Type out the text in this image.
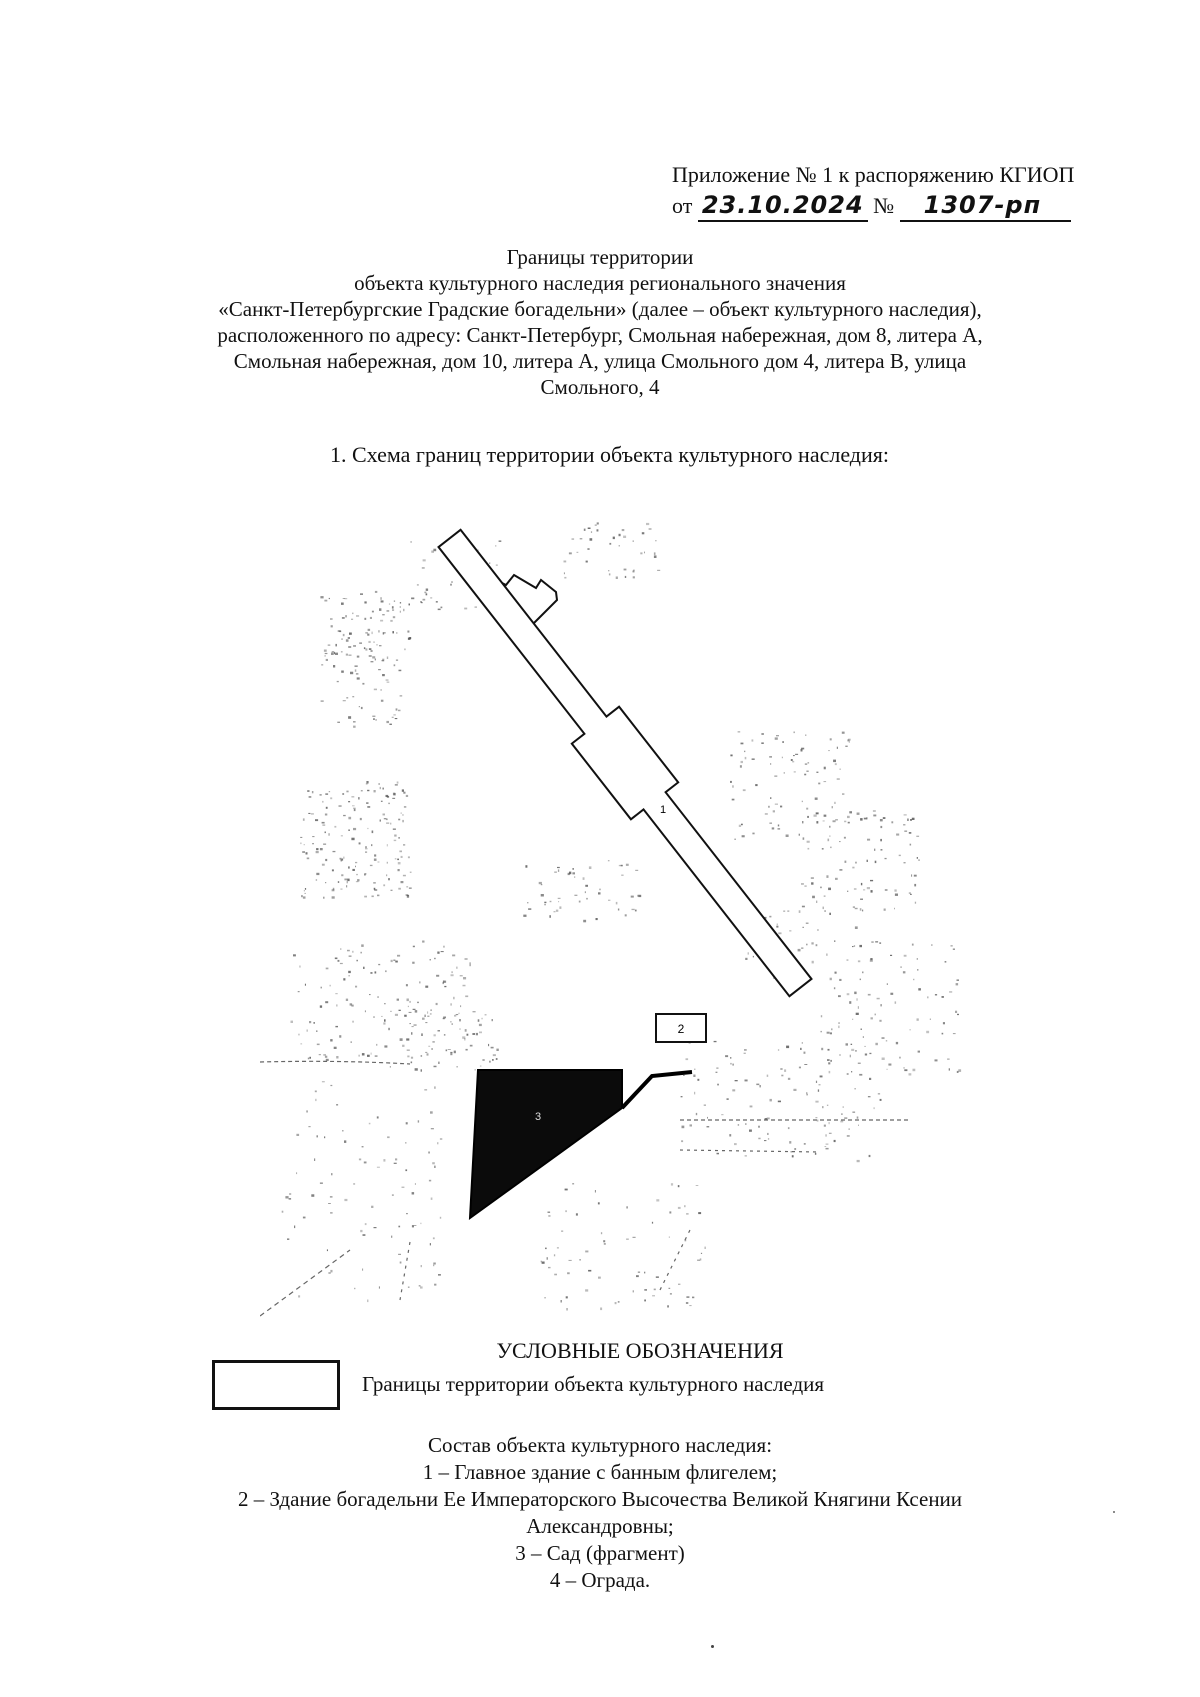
Приложение № 1 к распоряжению КГИОП
от 23.10.2024 № 1307-рп
Границы территории
объекта культурного наследия регионального значения
«Санкт-Петербургские Градские богадельни» (далее – объект культурного наследия),
расположенного по адресу: Санкт-Петербург, Смольная набережная, дом 8, литера А,
Смольная набережная, дом 10, литера А, улица Смольного дом 4, литера В, улица
Смольного, 4
1. Схема границ территории объекта культурного наследия:
1
2
3
УСЛОВНЫЕ ОБОЗНАЧЕНИЯ
Границы территории объекта культурного наследия
Состав объекта культурного наследия:
1 – Главное здание с банным флигелем;
2 – Здание богадельни Ее Императорского Высочества Великой Княгини Ксении
Александровны;
3 – Сад (фрагмент)
4 – Ограда.
